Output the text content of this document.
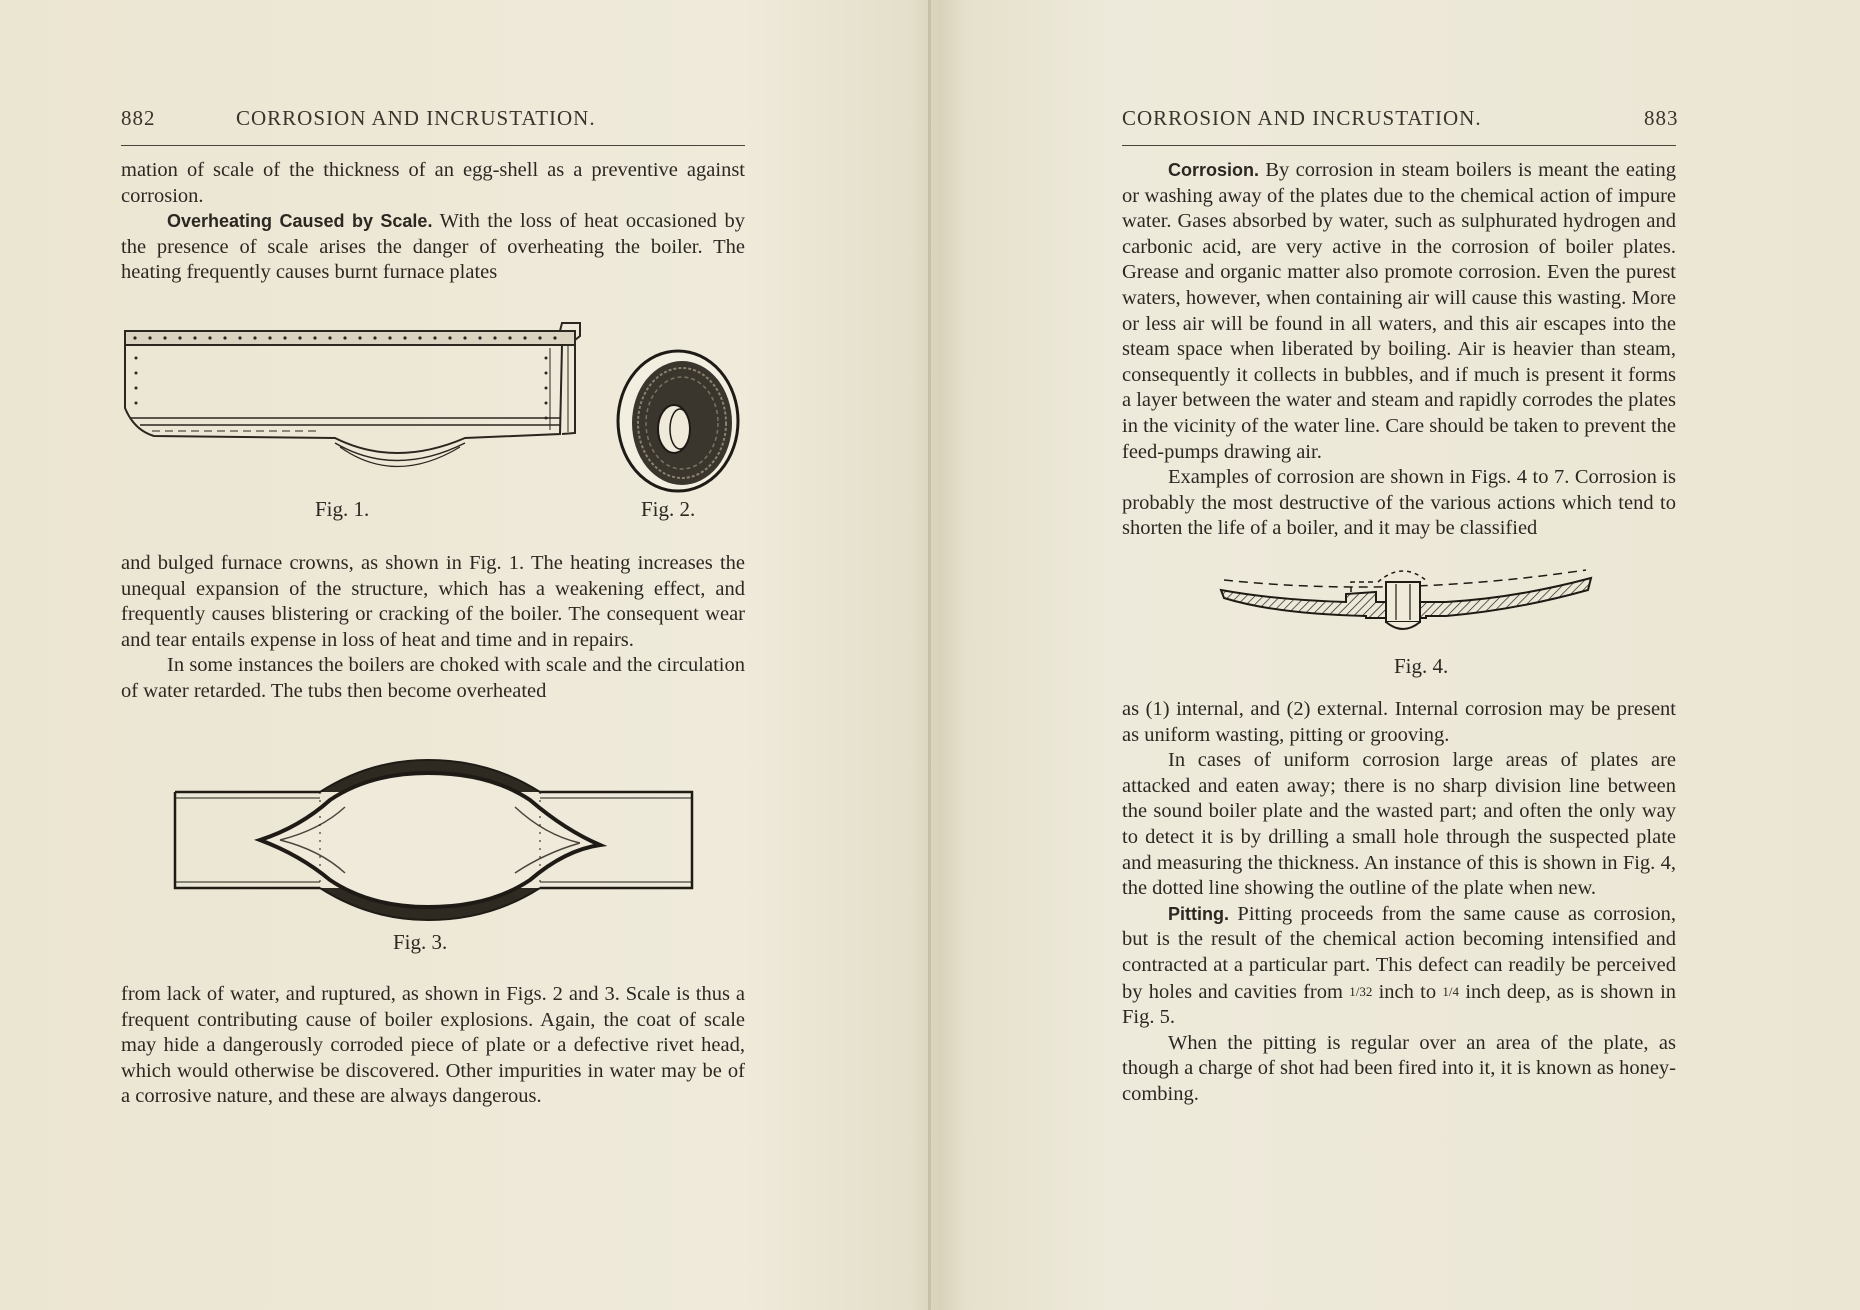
882	CORROSION AND INCRUSTATION.

mation of scale of the thickness of an egg-shell as a preventive against corrosion.

Overheating Caused by Scale. With the loss of heat occasioned by the presence of scale arises the danger of overheating the boiler. The heating frequently causes burnt furnace plates

Fig. 1.	Fig. 2.

and bulged furnace crowns, as shown in Fig. 1. The heating increases the unequal expansion of the structure, which has a weakening effect, and frequently causes blistering or cracking of the boiler. The consequent wear and tear entails expense in loss of heat and time and in repairs.

In some instances the boilers are choked with scale and the circulation of water retarded. The tubs then become overheated

Fig. 3.

from lack of water, and ruptured, as shown in Figs. 2 and 3. Scale is thus a frequent contributing cause of boiler explosions. Again, the coat of scale may hide a dangerously corroded piece of plate or a defective rivet head, which would otherwise be discovered. Other impurities in water may be of a corrosive nature, and these are always dangerous.

CORROSION AND INCRUSTATION.	883

Corrosion. By corrosion in steam boilers is meant the eating or washing away of the plates due to the chemical action of impure water. Gases absorbed by water, such as sulphurated hydrogen and carbonic acid, are very active in the corrosion of boiler plates. Grease and organic matter also promote corrosion. Even the purest waters, however, when containing air will cause this wasting. More or less air will be found in all waters, and this air escapes into the steam space when liberated by boiling. Air is heavier than steam, consequently it collects in bubbles, and if much is present it forms a layer between the water and steam and rapidly corrodes the plates in the vicinity of the water line. Care should be taken to prevent the feed-pumps drawing air.

Examples of corrosion are shown in Figs. 4 to 7. Corrosion is probably the most destructive of the various actions which tend to shorten the life of a boiler, and it may be classified

Fig. 4.

as (1) internal, and (2) external. Internal corrosion may be present as uniform wasting, pitting or grooving.

In cases of uniform corrosion large areas of plates are attacked and eaten away; there is no sharp division line between the sound boiler plate and the wasted part; and often the only way to detect it is by drilling a small hole through the suspected plate and measuring the thickness. An instance of this is shown in Fig. 4, the dotted line showing the outline of the plate when new.

Pitting. Pitting proceeds from the same cause as corrosion, but is the result of the chemical action becoming intensified and contracted at a particular part. This defect can readily be perceived by holes and cavities from 1/32 inch to 1/4 inch deep, as is shown in Fig. 5.

When the pitting is regular over an area of the plate, as though a charge of shot had been fired into it, it is known as honey-combing.
